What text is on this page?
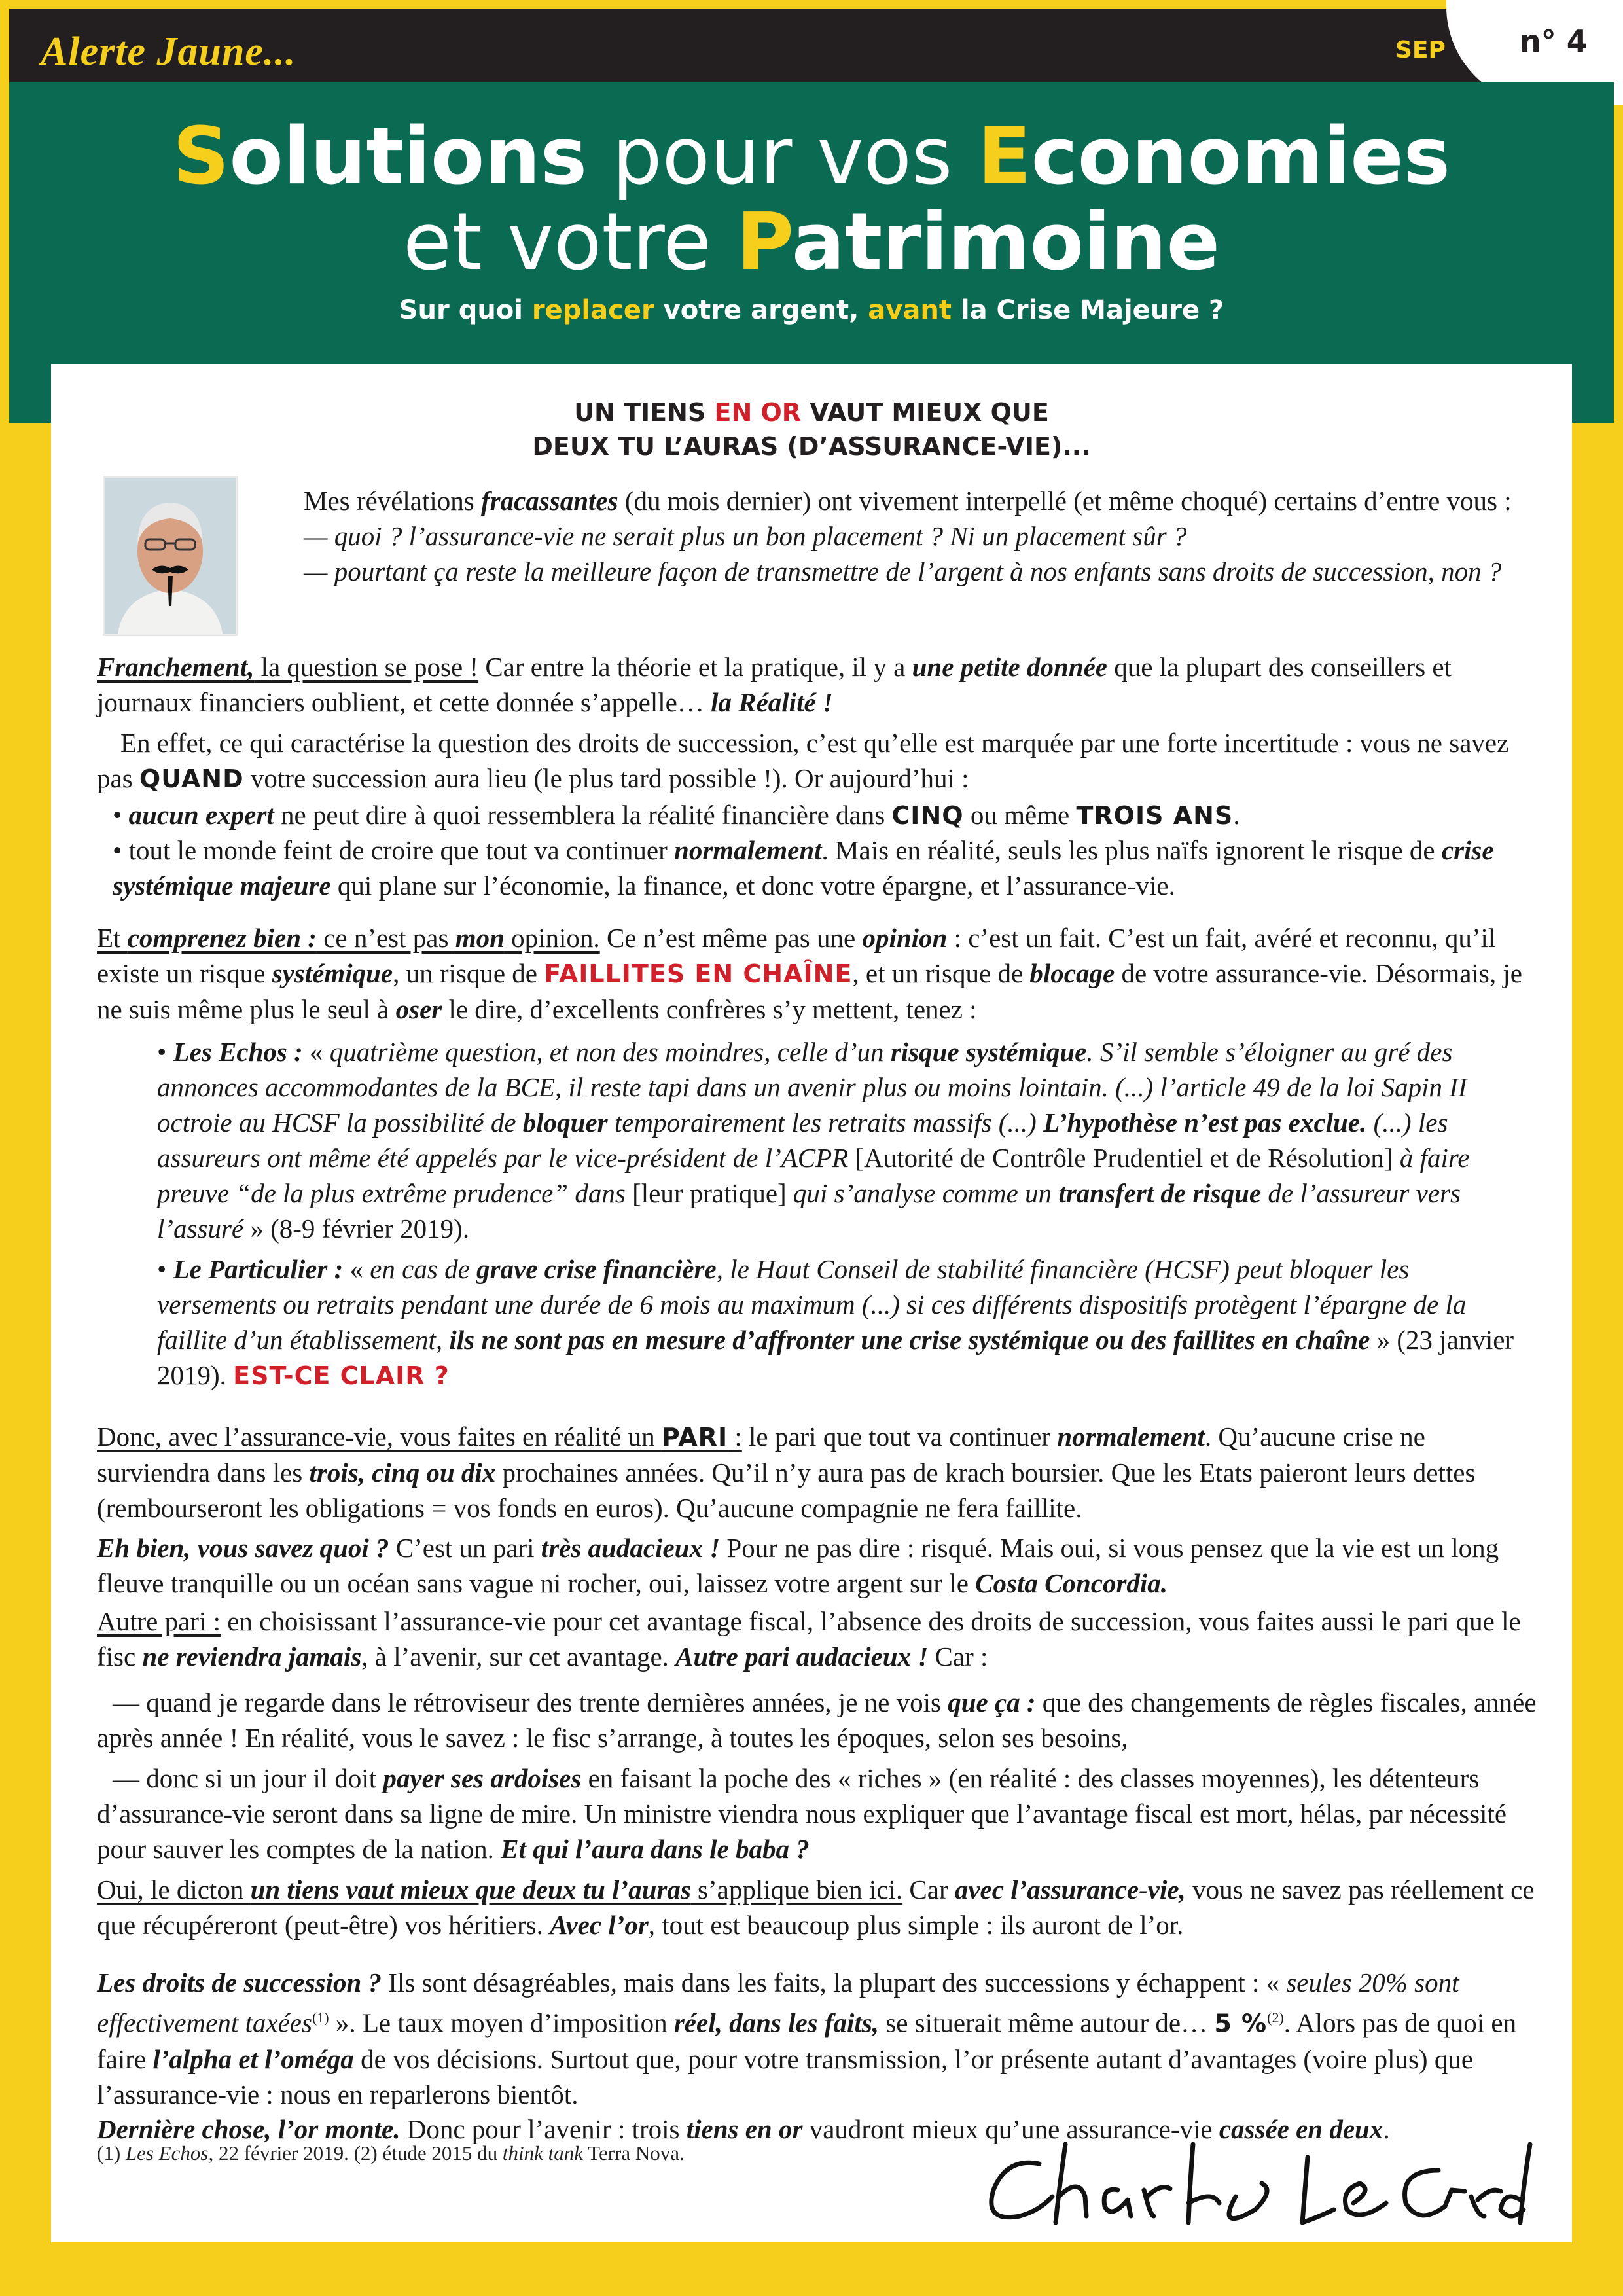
Alerte Jaune...	SEP n° 4
Solutions pour vos Economies
et votre Patrimoine
Sur quoi replacer votre argent, avant la Crise Majeure ?
UN TIENS EN OR VAUT MIEUX QUE
DEUX TU L’AURAS (D’ASSURANCE-VIE)...

Mes révélations fracassantes (du mois dernier) ont vivement interpellé (et même choqué) certains d’entre vous :

— quoi ? l’assurance-vie ne serait plus un bon placement ? Ni un placement sûr ?

— pourtant ça reste la meilleure façon de transmettre de l’argent à nos enfants sans droits de succession, non ?

Franchement, la question se pose ! Car entre la théorie et la pratique, il y a une petite donnée que la plupart des conseillers et journaux financiers oublient, et cette donnée s’appelle… la Réalité !

En effet, ce qui caractérise la question des droits de succession, c’est qu’elle est marquée par une forte incertitude : vous ne savez pas QUAND votre succession aura lieu (le plus tard possible !). Or aujourd’hui :

• aucun expert ne peut dire à quoi ressemblera la réalité financière dans CINQ ou même TROIS ANS.

• tout le monde feint de croire que tout va continuer normalement. Mais en réalité, seuls les plus naïfs ignorent le risque de crise systémique majeure qui plane sur l’économie, la finance, et donc votre épargne, et l’assurance-vie.

Et comprenez bien : ce n’est pas mon opinion. Ce n’est même pas une opinion : c’est un fait. C’est un fait, avéré et reconnu, qu’il existe un risque systémique, un risque de FAILLITES EN CHAÎNE, et un risque de blocage de votre assurance-vie. Désormais, je ne suis même plus le seul à oser le dire, d’excellents confrères s’y mettent, tenez :

• Les Echos : « quatrième question, et non des moindres, celle d’un risque systémique. S’il semble s’éloigner au gré des annonces accommodantes de la BCE, il reste tapi dans un avenir plus ou moins lointain. (...) l’article 49 de la loi Sapin II octroie au HCSF la possibilité de bloquer temporairement les retraits massifs (...) L’hypothèse n’est pas exclue. (...) les assureurs ont même été appelés par le vice-président de l’ACPR [Autorité de Contrôle Prudentiel et de Résolution] à faire preuve “de la plus extrême prudence” dans [leur pratique] qui s’analyse comme un transfert de risque de l’assureur vers l’assuré » (8-9 février 2019).

• Le Particulier : « en cas de grave crise financière, le Haut Conseil de stabilité financière (HCSF) peut bloquer les versements ou retraits pendant une durée de 6 mois au maximum (...) si ces différents dispositifs protègent l’épargne de la faillite d’un établissement, ils ne sont pas en mesure d’affronter une crise systémique ou des faillites en chaîne » (23 janvier 2019). EST-CE CLAIR ?

Donc, avec l’assurance-vie, vous faites en réalité un PARI : le pari que tout va continuer normalement. Qu’aucune crise ne surviendra dans les trois, cinq ou dix prochaines années. Qu’il n’y aura pas de krach boursier. Que les Etats paieront leurs dettes (rembourseront les obligations = vos fonds en euros). Qu’aucune compagnie ne fera faillite.

Eh bien, vous savez quoi ? C’est un pari très audacieux ! Pour ne pas dire : risqué. Mais oui, si vous pensez que la vie est un long fleuve tranquille ou un océan sans vague ni rocher, oui, laissez votre argent sur le Costa Concordia.

Autre pari : en choisissant l’assurance-vie pour cet avantage fiscal, l’absence des droits de succession, vous faites aussi le pari que le fisc ne reviendra jamais, à l’avenir, sur cet avantage. Autre pari audacieux ! Car :

— quand je regarde dans le rétroviseur des trente dernières années, je ne vois que ça : que des changements de règles fiscales, année après année ! En réalité, vous le savez : le fisc s’arrange, à toutes les époques, selon ses besoins,

— donc si un jour il doit payer ses ardoises en faisant la poche des « riches » (en réalité : des classes moyennes), les détenteurs d’assurance-vie seront dans sa ligne de mire. Un ministre viendra nous expliquer que l’avantage fiscal est mort, hélas, par nécessité pour sauver les comptes de la nation. Et qui l’aura dans le baba ?

Oui, le dicton un tiens vaut mieux que deux tu l’auras s’applique bien ici. Car avec l’assurance-vie, vous ne savez pas réellement ce que récupéreront (peut-être) vos héritiers. Avec l’or, tout est beaucoup plus simple : ils auront de l’or.

Les droits de succession ? Ils sont désagréables, mais dans les faits, la plupart des successions y échappent : « seules 20% sont effectivement taxées$^{(1)}$ ». Le taux moyen d’imposition réel, dans les faits, se situerait même autour de… 5 %$^{(2)}$. Alors pas de quoi en faire l’alpha et l’oméga de vos décisions. Surtout que, pour votre transmission, l’or présente autant d’avantages (voire plus) que l’assurance-vie : nous en reparlerons bientôt.

Dernière chose, l’or monte. Donc pour l’avenir : trois tiens en or vaudront mieux qu’une assurance-vie cassée en deux.

(1) Les Echos, 22 février 2019. (2) étude 2015 du think tank Terra Nova.
